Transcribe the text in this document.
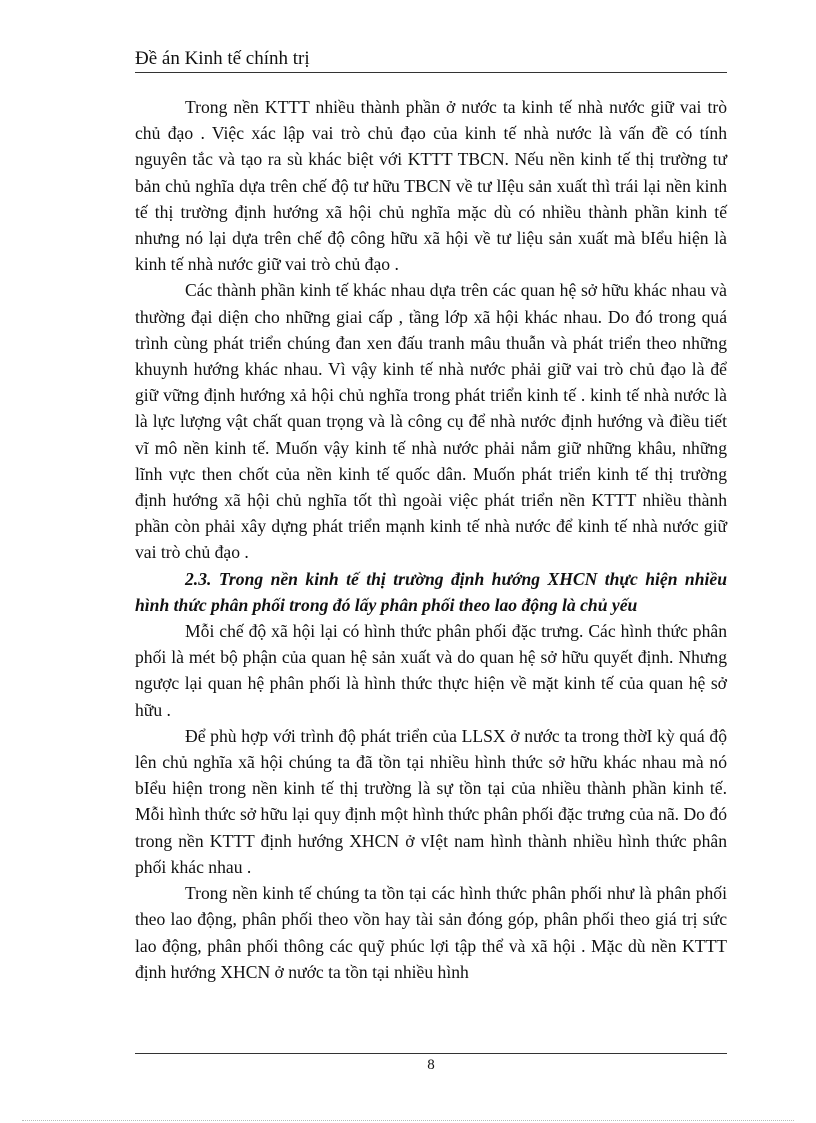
Đề án Kinh tế chính trị

Trong nền KTTT nhiều thành phần ở nước ta kinh tế nhà nước giữ vai trò chủ đạo . Việc xác lập vai trò chủ đạo của kinh tế nhà nước là vấn đề có tính nguyên tắc và tạo ra sù khác biệt với KTTT TBCN. Nếu nền kinh tế thị trường tư bản chủ nghĩa dựa trên chế độ tư hữu TBCN về tư lIệu sản xuất thì trái lại nền kinh tế thị trường định hướng xã hội chủ nghĩa mặc dù có nhiều thành phần kinh tế nhưng nó lại dựa trên chế độ công hữu xã hội về tư liệu sản xuất mà bIểu hiện là kinh tế nhà nước giữ vai trò chủ đạo .

Các thành phần kinh tế khác nhau dựa trên các quan hệ sở hữu khác nhau và thường đại diện cho những giai cấp , tầng lớp xã hội khác nhau. Do đó trong quá trình cùng phát triển chúng đan xen đấu tranh mâu thuẫn và phát triển theo những khuynh hướng khác nhau. Vì vậy kinh tế nhà nước phải giữ vai trò chủ đạo là để giữ vững định hướng xả hội chủ nghĩa trong phát triển kinh tế . kinh tế nhà nước là là lực lượng vật chất quan trọng và là công cụ để nhà nước định hướng và điều tiết vĩ mô nền kinh tế. Muốn vậy kinh tế nhà nước phải nắm giữ những khâu, những lĩnh vực then chốt của nền kinh tế quốc dân. Muốn phát triển kinh tế thị trường định hướng xã hội chủ nghĩa tốt thì ngoài việc phát triển nền KTTT nhiều thành phần còn phải xây dựng phát triển mạnh kinh tế nhà nước để kinh tế nhà nước giữ vai trò chủ đạo .

2.3. Trong nền kinh tế thị trường định hướng XHCN thực hiện nhiều hình thức phân phối trong đó lấy phân phối theo lao động là chủ yếu

Mỗi chế độ xã hội lại có hình thức phân phối đặc trưng. Các hình thức phân phối là mét bộ phận của quan hệ sản xuất và do quan hệ sở hữu quyết định. Nhưng ngược lại quan hệ phân phối là hình thức thực hiện về mặt kinh tế của quan hệ sở hữu .

Để phù hợp với trình độ phát triển của LLSX ở nước ta trong thờI kỳ quá độ lên chủ nghĩa xã hội chúng ta đã tồn tại nhiều hình thức sở hữu khác nhau mà nó bIểu hiện trong nền kinh tế thị trường là sự tồn tại của nhiều thành phần kinh tế. Mỗi hình thức sở hữu lại quy định một hình thức phân phối đặc trưng của nã. Do đó trong nền KTTT định hướng XHCN ở vIệt nam hình thành nhiều hình thức phân phối khác nhau .

Trong nền kinh tế chúng ta tồn tại các hình thức phân phối như là phân phối theo lao động, phân phối theo vồn hay tài sản đóng góp, phân phối theo giá trị sức lao động, phân phối thông các quỹ phúc lợi tập thể và xã hội . Mặc dù nền KTTT định hướng XHCN ở nước ta tồn tại nhiều hình

8
